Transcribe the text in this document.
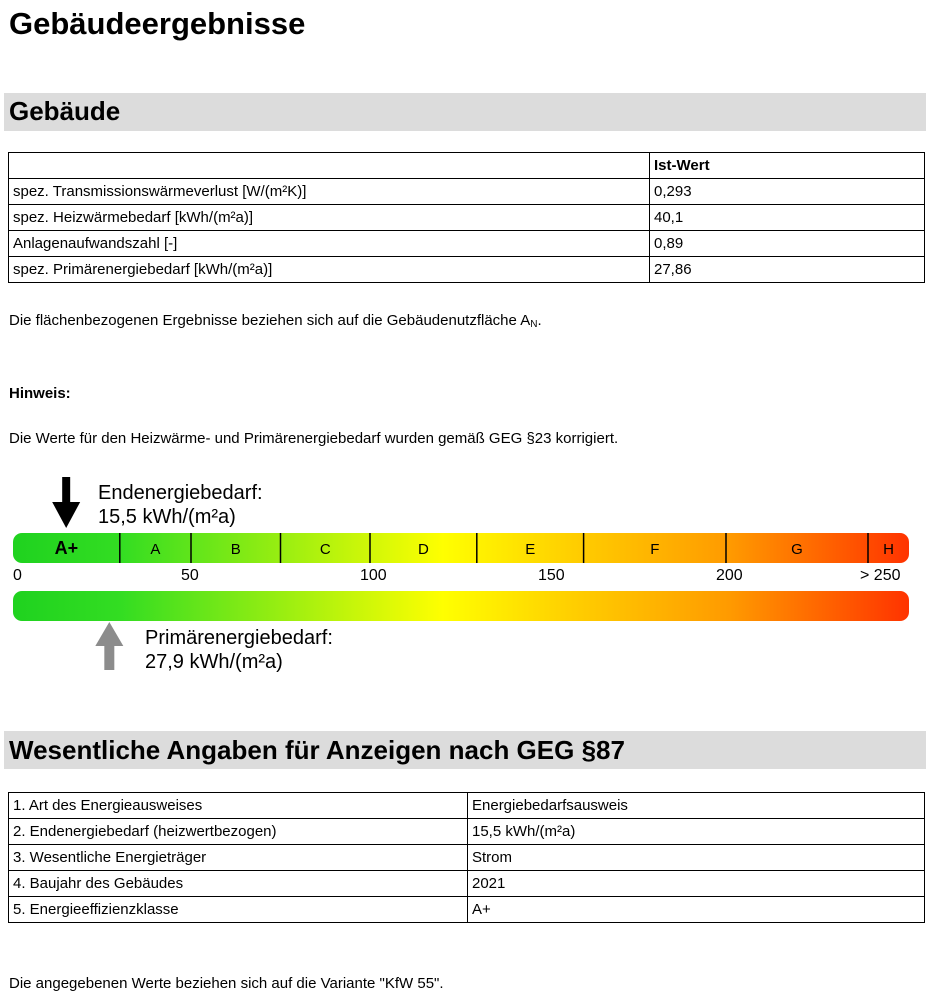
Gebäudeergebnisse
Gebäude
	Ist-Wert
spez. Transmissionswärmeverlust [W/(m²K)]	0,293
spez. Heizwärmebedarf [kWh/(m²a)]	40,1
Anlagenaufwandszahl [-]	0,89
spez. Primärenergiebedarf [kWh/(m²a)]	27,86

Die flächenbezogenen Ergebnisse beziehen sich auf die Gebäudenutzfläche $A_N$.

Hinweis:

Die Werte für den Heizwärme- und Primärenergiebedarf wurden gemäß GEG §23 korrigiert.

A+	A	B	C	D	E	F	G	H
Endenergiebedarf:
15,5 kWh/(m²a)
0	50	100	150	200	> 250
Primärenergiebedarf:
27,9 kWh/(m²a)
Wesentliche Angaben für Anzeigen nach GEG §87
1. Art des Energieausweises	Energiebedarfsausweis
2. Endenergiebedarf (heizwertbezogen)	15,5 kWh/(m²a)
3. Wesentliche Energieträger	Strom
4. Baujahr des Gebäudes	2021
5. Energieeffizienzklasse	A+

Die angegebenen Werte beziehen sich auf die Variante "KfW 55".
